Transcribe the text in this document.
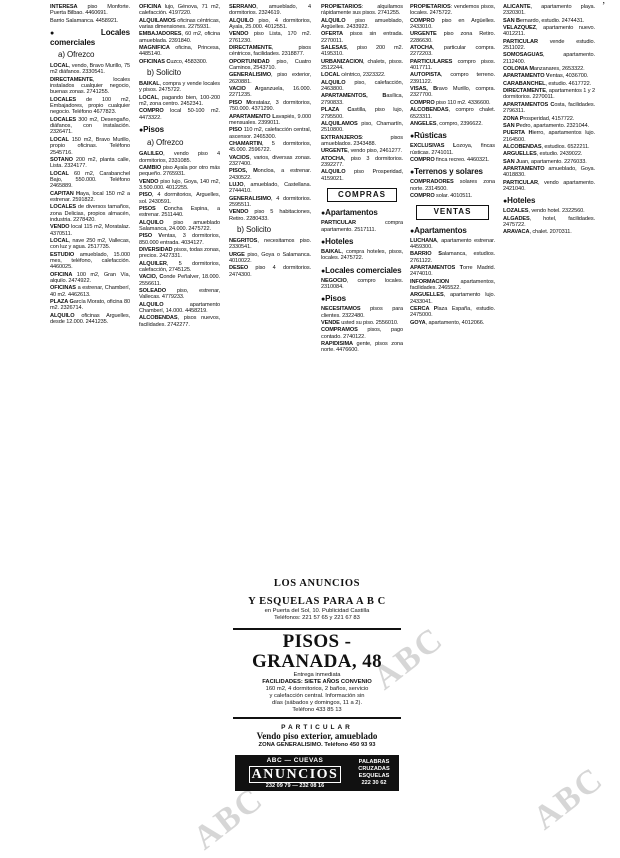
INTERESA piso Monforte. Puerta Bilbao. 4460691.
Barrio Salamanca. 4458921.
● Locales comerciales
a) Ofrezco
LOCAL, vendo, Bravo Murillo, 75 m2 diáfanos. 2330541.
DIRECTAMENTE, locales instalados cualquier negocio, buenas zonas. 2741255.
LOCALES de 100 m2, Embajadores, propio cualquier negocio. Teléfono 4677823.
LOCALES 300 m2, Desengaño, diáfanos, con instalación. 2326471.
LOCAL 150 m2, Bravo Murillo, propio oficinas. Teléfono 2545716.
SOTANO 200 m2, planta calle, Lista. 2324177.
LOCAL 60 m2, Carabanchel Bajo, 550.000. Teléfono 2465889.
CAPITAN Haya, local 150 m2 a estrenar. 2591822.
LOCALES de diversos tamaños, zona Delicias, propios almacén, industria. 2278420.
VENDO local 115 m2, Moratalaz. 4370511.
LOCAL, nave 250 m2, Vallecas, con luz y agua. 2517735.
ESTUDIO amueblado, 15.000 mes, teléfono, calefacción. 4460025.
OFICINA 100 m2, Gran Vía, alquilo. 2474922.
OFICINAS a estrenar, Chamberí, 40 m2. 4462613.
PLAZA García Morato, oficina 80 m2. 2326714.
ALQUILO oficinas Arguelles, desde 12.000. 2441235.
OFICINA lujo, Génova, 71 m2, calefacción. 4197220.
ALQUILAMOS oficinas céntricas, varias dimensiones. 2275931.
EMBAJADORES, 60 m2, oficina amueblada. 2391840.
MAGNIFICA oficina, Princesa, 4485140.
OFICINAS Cuzco, 4583300.
b) Solicito
BAIKAL, compra y vende locales y pisos. 2475722.
LOCAL, pagando bien, 100-200 m2, zona centro. 2452341.
COMPRO local 50-100 m2. 4473322.
● Pisos
a) Ofrezco
GALILEO, vendo piso 4 dormitorios, 2331085.
CAMBIO piso Ayala por otro más pequeño. 2765931.
VENDO piso lujo, Goya, 140 m2, 3.500.000. 4012255.
PISO, 4 dormitorios, Arguelles, sol. 2430591.
PISOS Concha Espina, a estrenar. 2511440.
ALQUILO piso amueblado Salamanca, 24.000. 2475722.
PISO Ventas, 3 dormitorios, 850.000 entrada. 4034127.
DIVERSIDAD pisos, todas zonas, precios. 2427331.
ALQUILER, 5 dormitorios, calefacción, 2745125.
VACIO, Conde Peñalver, 18.000. 2556611.
SOLEADO piso, estrenar, Vallecas. 4779233.
ALQUILO apartamento Chamberí, 14.000. 4458219.
ALCOBENDAS, pisos nuevos, facilidades. 2742277.
SERRANO, amueblado, 4 dormitorios. 2324619.
ALQUILO piso, 4 dormitorios, Ayala, 25.000. 4012551.
VENDO piso Lista, 170 m2. 2761230.
DIRECTAMENTE, pisos céntricos, facilidades. 2318877.
OPORTUNIDAD piso, Cuatro Caminos, 2543710.
GENERALISIMO, piso exterior, 2620881.
VACIO Arganzuela, 16.000. 2271235.
PISO Moratalaz, 3 dormitorios, 750.000. 4371290.
APARTAMENTO Lavapiés, 9.000 mensuales. 2399011.
PISO 110 m2, calefacción central, ascensor. 2465300.
CHAMARTIN, 5 dormitorios, 45.000. 2596722.
VACIOS, varios, diversas zonas. 2327400.
PISOS, Moncloa, a estrenar. 2430522.
LUJO, amueblado, Castellana. 2744410.
GENERALISIMO, 4 dormitorios. 2595511.
VENDO piso 5 habitaciones, Retiro. 2280433.
b) Solicito
NEGRITOS, necesitamos piso. 2330541.
URGE piso, Goya o Salamanca. 4010022.
DESEO piso 4 dormitorios. 2474300.
PROPIETARIOS: alquilamos rápidamente sus pisos. 2741255.
ALQUILO piso amueblado, Argüelles. 2433922.
OFERTA pisos sin entrada. 2270011.
SALESAS, piso 200 m2. 4195310.
URBANIZACION, chalets, pisos. 2512244.
LOCAL céntrico, 2323322.
ALQUILO piso, calefacción, 2463800.
APARTAMENTOS, Basílica, 2790833.
PLAZA Castilla, piso lujo, 2795500.
ALQUILAMOS piso, Chamartín, 2510800.
EXTRANJEROS: pisos amueblados. 2343488.
URGENTE, vendo piso, 2461277.
ATOCHA, piso 3 dormitorios. 2392277.
ALQUILO piso Prosperidad, 4159021.
COMPRAS
● Apartamentos
PARTICULAR compra apartamento. 2517111.
● Hoteles
BAIKAL, compra hoteles, pisos, locales. 2475722.
● Locales comerciales
NEGOCIO, compro locales. 2310084.
● Pisos
NECESITAMOS pisos para clientes. 2322480.
VENDE usted su piso. 2556010.
COMPRAMOS pisos, pago contado. 2740122.
RAPIDISIMA gente, pisos zona norte. 4476600.
PROPIETARIOS: vendemos pisos, locales. 2475722.
COMPRO piso en Argüelles. 2433010.
URGENTE piso zona Retiro. 2286630.
ATOCHA, particular compra. 2272203.
PARTICULARES compro pisos. 4017711.
AUTOPISTA, compro terreno. 2391122.
VISAS, Bravo Murillo, compra. 2327700.
COMPRO piso 110 m2. 4336600.
ALCOBENDAS, compro chalet. 6523311.
ANGELES, compro, 2396622.
● Rústicas
EXCLUSIVAS Lozoya, fincas rústicas. 2741011.
COMPRO finca recreo. 4460321.
● Terrenos y solares
COMPRADORES solares zona norte. 2314500.
COMPRO solar. 4010511.
VENTAS
● Apartamentos
LUCHANA, apartamento estrenar. 4459300.
BARRIO Salamanca, estudios. 2761122.
APARTAMENTOS Torre Madrid. 2474010.
INFORMACION apartamentos, facilidades. 2465522.
ARGUELLES, apartamento lujo. 2433041.
CERCA Plaza España, estudio. 2475000.
GOYA, apartamento, 4012066.
ALICANTE, apartamento playa. 2320301.
SAN Bernardo, estudio. 2474431.
VELAZQUEZ, apartamento nuevo. 4012211.
PARTICULAR vende estudio. 2511022.
SOMOSAGUAS, apartamento. 2112400.
COLONIA Manzanares, 2653322.
APARTAMENTO Ventas, 4036700.
CARABANCHEL, estudio. 4617722.
DIRECTAMENTE, apartamentos 1 y 2 dormitorios. 2270011.
APARTAMENTOS Costa, facilidades. 2796311.
ZONA Prosperidad, 4157722.
SAN Pedro, apartamento. 2321044.
PUERTA Hierro, apartamentos lujo. 2164500.
ALCOBENDAS, estudios. 6522211.
ARGUELLES, estudio. 2439022.
SAN Juan, apartamento. 2276033.
APARTAMENTO amueblado, Goya. 4018830.
PARTICULAR, vendo apartamento. 2421040.
● Hoteles
LOZALES, vendo hotel. 2322560.
ALGADES, hotel, facilidades. 2475722.
ARAVACA, chalet. 2070311.
LOS ANUNCIOS
Y ESQUELAS PARA A B C
en Puerta del Sol, 10. Publicidad Castilla
Teléfonos: 221 57 65 y 221 67 83
PISOS - GRANADA, 48
Entrega inmediata
FACILIDADES: SIETE AÑOS CONVENIO
160 m2, 4 dormitorios, 2 baños, servicio
y calefacción central. Información sin
días (sábados y domingos, 11 a 2).
Teléfono 433 85 13
PARTICULAR
Vendo piso exterior, amueblado
ZONA GENERALISIMO. Teléfono 450 93 93
ABC — CUEVAS
ANUNCIOS
232 09 79 — 232 08 16
PALABRAS
CRUZADAS
ESQUELAS
222 30 62
ABC
ABC
ABC
’
